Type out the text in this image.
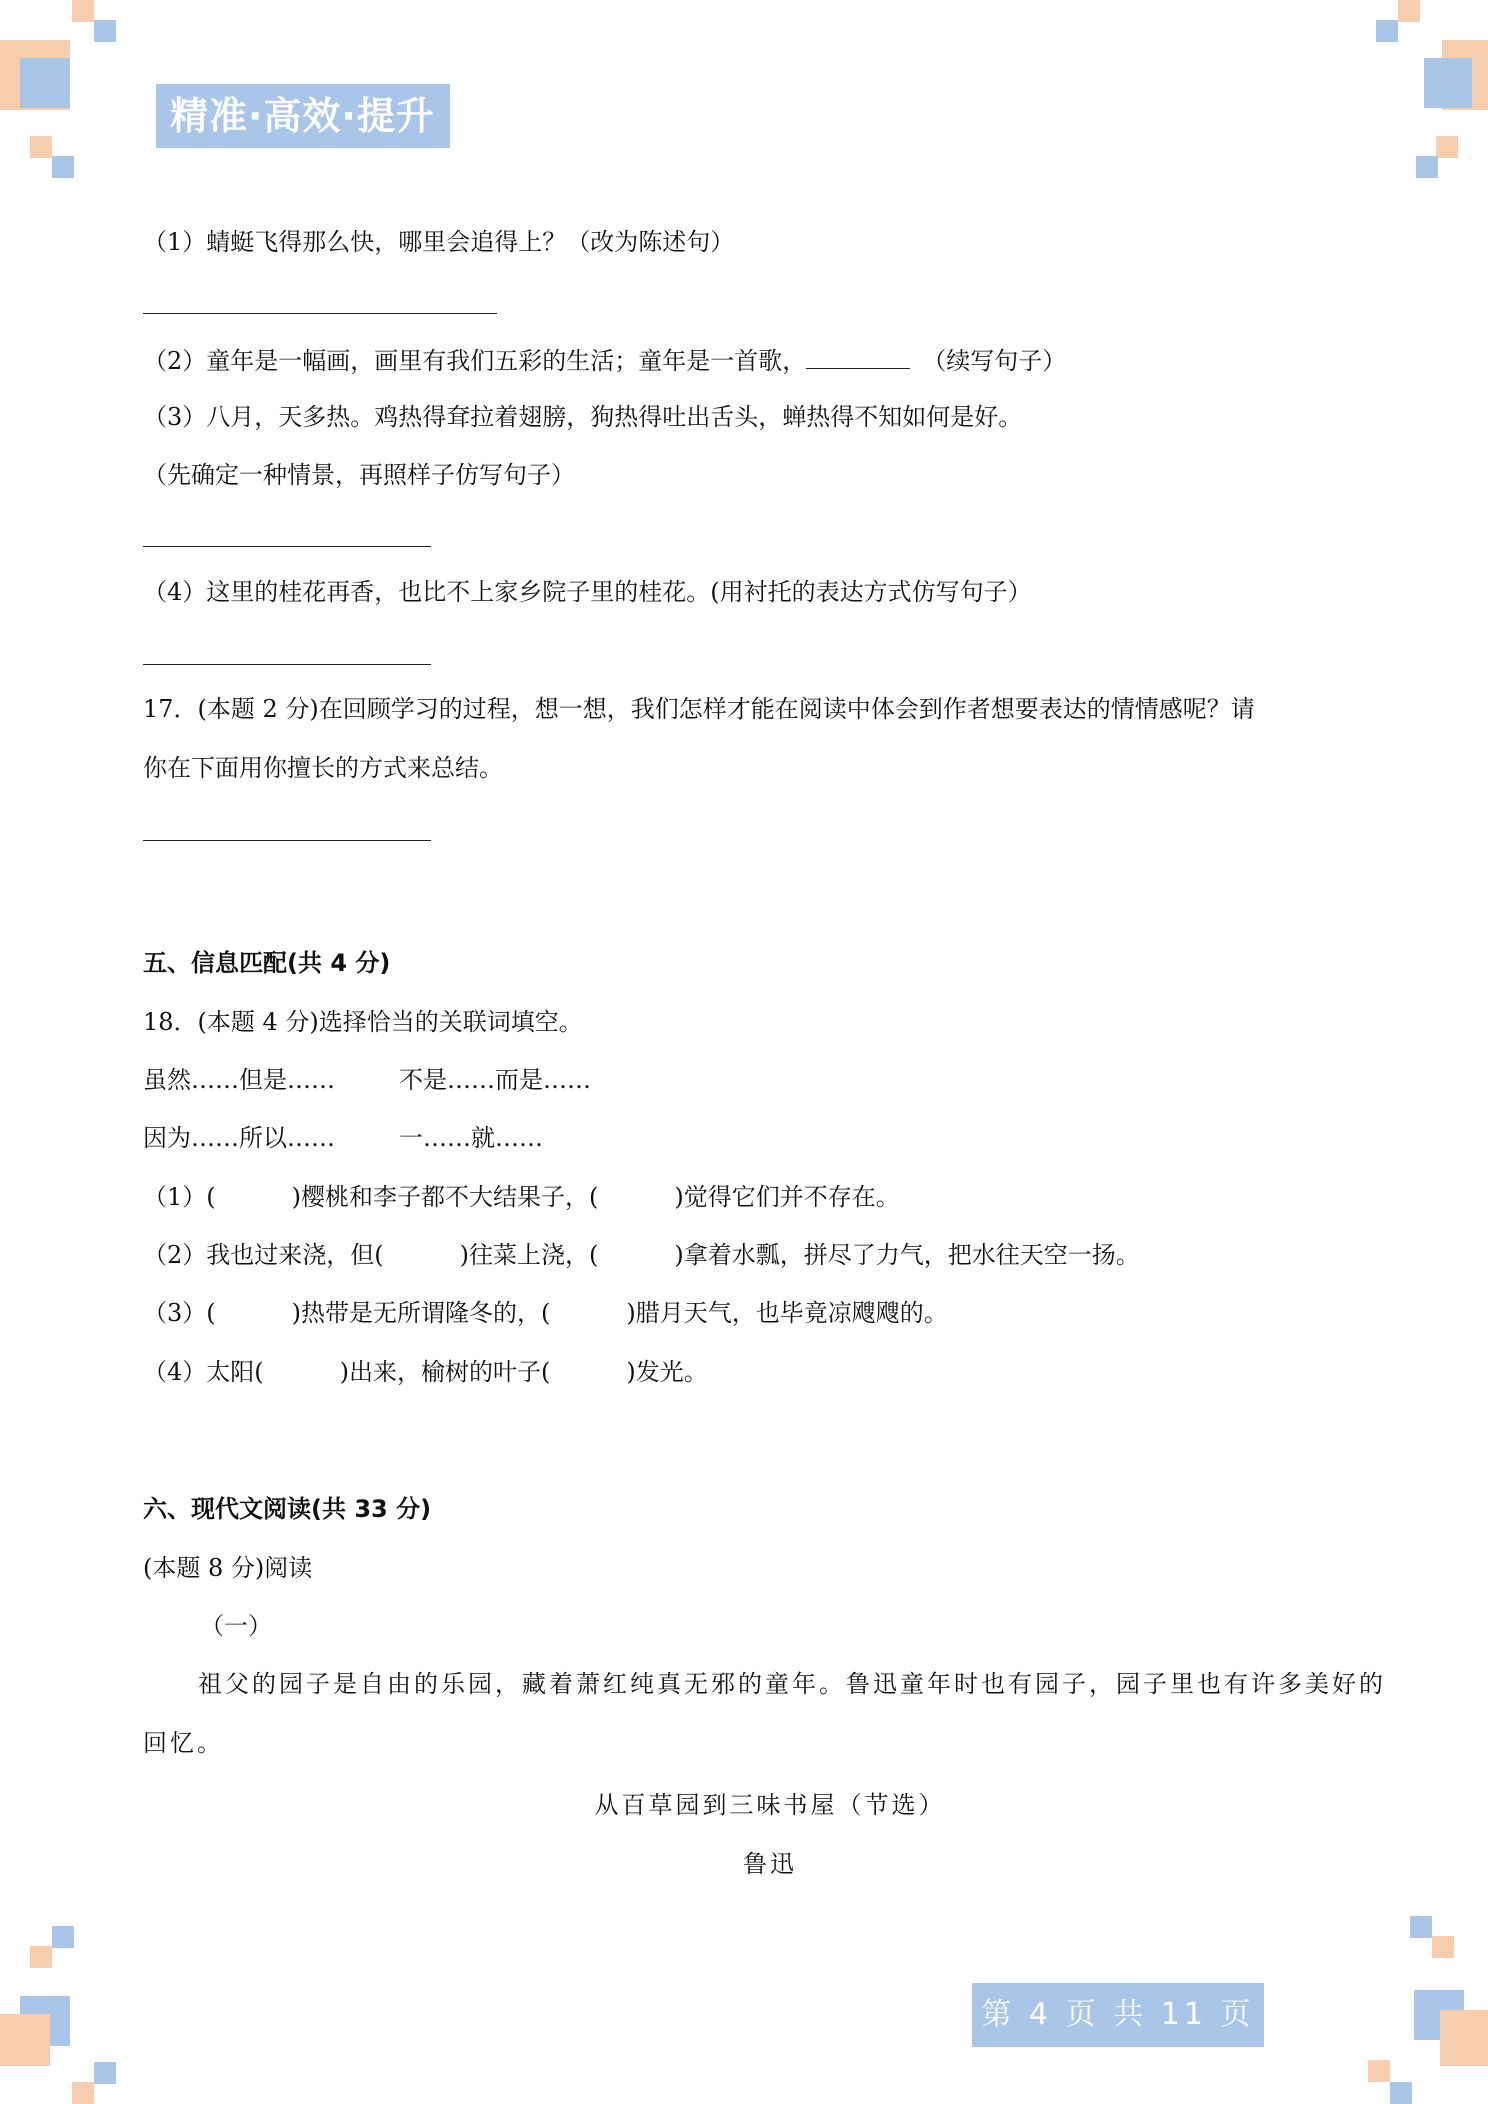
精准·高效·提升
（1）蜻蜓飞得那么快，哪里会追得上？（改为陈述句）
（2）童年是一幅画，画里有我们五彩的生活；童年是一首歌，	（续写句子）
（3）八月，天多热。鸡热得耷拉着翅膀，狗热得吐出舌头，蝉热得不知如何是好。
（先确定一种情景，再照样子仿写句子）
（4）这里的桂花再香，也比不上家乡院子里的桂花。(用衬托的表达方式仿写句子）
17．(本题 2 分)在回顾学习的过程，想一想，我们怎样才能在阅读中体会到作者想要表达的情情感呢？请
你在下面用你擅长的方式来总结。
五、信息匹配(共 4 分)
18．(本题 4 分)选择恰当的关联词填空。
虽然……但是……	不是……而是……
因为……所以……	一……就……
（1）(	)樱桃和李子都不大结果子，(	)觉得它们并不存在。
（2）我也过来浇，但(	)往菜上浇，(	)拿着水瓢，拼尽了力气，把水往天空一扬。
（3）(	)热带是无所谓隆冬的，(	)腊月天气，也毕竟凉飕飕的。
（4）太阳(	)出来，榆树的叶子(	)发光。
六、现代文阅读(共 33 分)
(本题 8 分)阅读
（一）
祖父的园子是自由的乐园，藏着萧红纯真无邪的童年。鲁迅童年时也有园子，园子里也有许多美好的
回忆。
从百草园到三味书屋（节选）
鲁迅
第 4 页 共 11 页
